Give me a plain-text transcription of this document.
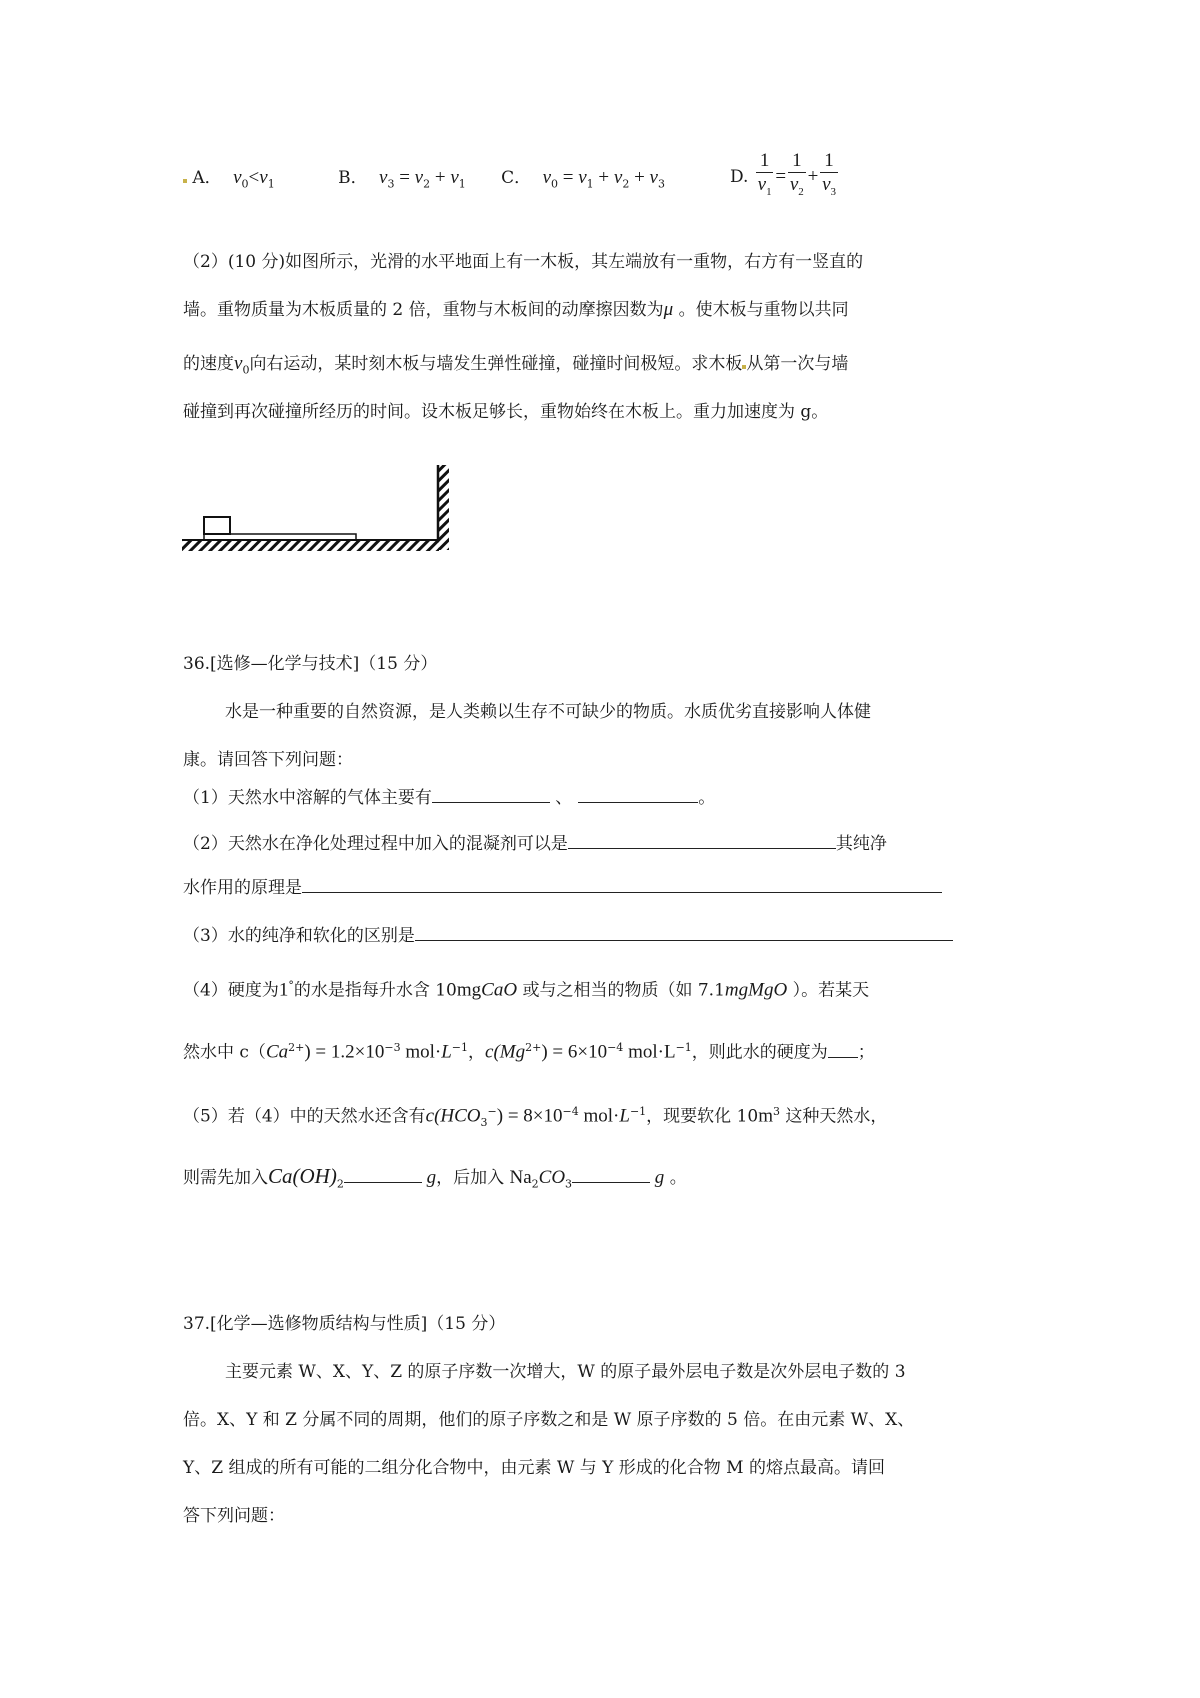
A． $v_0<v_1$	B． $v_3 = v_2 + v_1$ C． $v_0 = v_1 + v_2 + v_3$	D. $\frac{1}{v_1} = \frac{1}{v_2} + \frac{1}{v_3}$
（2）(10 分)如图所示，光滑的水平地面上有一木板，其左端放有一重物，右方有一竖直的
墙。重物质量为木板质量的 2 倍，重物与木板间的动摩擦因数为μ 。使木板与重物以共同
的速度$v_0$向右运动，某时刻木板与墙发生弹性碰撞，碰撞时间极短。求木板 从第一次与墙
碰撞到再次碰撞所经历的时间。设木板足够长，重物始终在木板上。重力加速度为 g。
36.[选修—化学与技术]（15 分）
水是一种重要的自然资源，是人类赖以生存不可缺少的物质。水质优劣直接影响人体健
康。请回答下列问题：
（1）天然水中溶解的气体主要有	、	。
（2）天然水在净化处理过程中加入的混凝剂可以是	其纯净
水作用的原理是
（3）水的纯净和软化的区别是
（4）硬度为1°的水是指每升水含 10mgCaO 或与之相当的物质（如 7.1mgMgO ）。若某天
然水中 $c(Ca^{2+}) = 1.2\times 10^{-3}$ $mol\cdot L^{-1}$，$c(Mg^{2+}) = 6\times 10^{-4}$ $mol\cdot L^{-1}$，则此水的硬度为 ；
（5）若（4）中的天然水还含有$c(HCO_3^-) = 8\times 10^{-4}$ $mol\cdot L^{-1}$，现要软化 $10m^3$ 这种天然水，
则需先加入$Ca(OH)_2$	g，后加入 $Na_2CO_3$	g 。
37.[化学—选修物质结构与性质]（15 分）
主要元素 W、X、Y、Z 的原子序数一次增大，W 的原子最外层电子数是次外层电子数的 3
倍。X、Y 和 Z 分属不同的周期，他们的原子序数之和是 W 原子序数的 5 倍。在由元素 W、X、
Y、Z 组成的所有可能的二组分化合物中，由元素 W 与 Y 形成的化合物 M 的熔点最高。请回
答下列问题：
